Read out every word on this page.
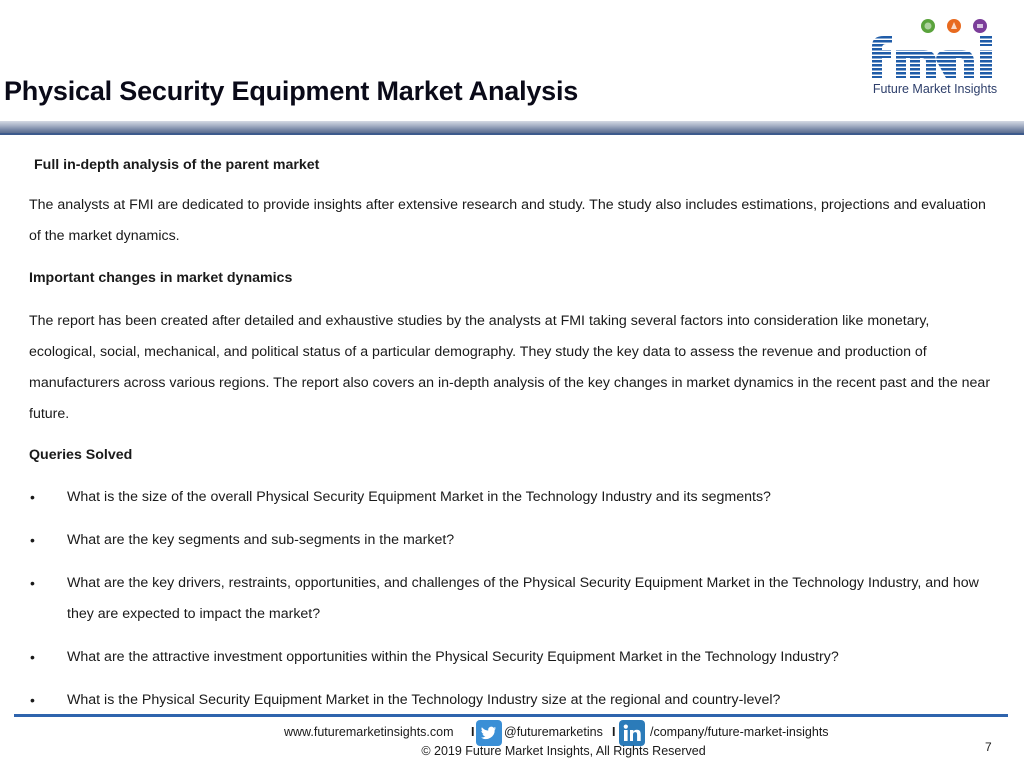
Physical Security Equipment Market Analysis	Future Market Insights

Full in-depth analysis of the parent market

The analysts at FMI are dedicated to provide insights after extensive research and study. The study also includes estimations, projections and evaluation of the market dynamics.

Important changes in market dynamics

The report has been created after detailed and exhaustive studies by the analysts at FMI taking several factors into consideration like monetary, ecological, social, mechanical, and political status of a particular demography. They study the key data to assess the revenue and production of manufacturers across various regions. The report also covers an in-depth analysis of the key changes in market dynamics in the recent past and the near future.

Queries Solved

• What is the size of the overall Physical Security Equipment Market in the Technology Industry and its segments?
• What are the key segments and sub-segments in the market?
• What are the key drivers, restraints, opportunities, and challenges of the Physical Security Equipment Market in the Technology Industry, and how they are expected to impact the market?
• What are the attractive investment opportunities within the Physical Security Equipment Market in the Technology Industry?
• What is the Physical Security Equipment Market in the Technology Industry size at the regional and country-level?
www.futuremarketinsights.com I @futuremarketins I	/company/future-market-insights
© 2019 Future Market Insights, All Rights Reserved	7
